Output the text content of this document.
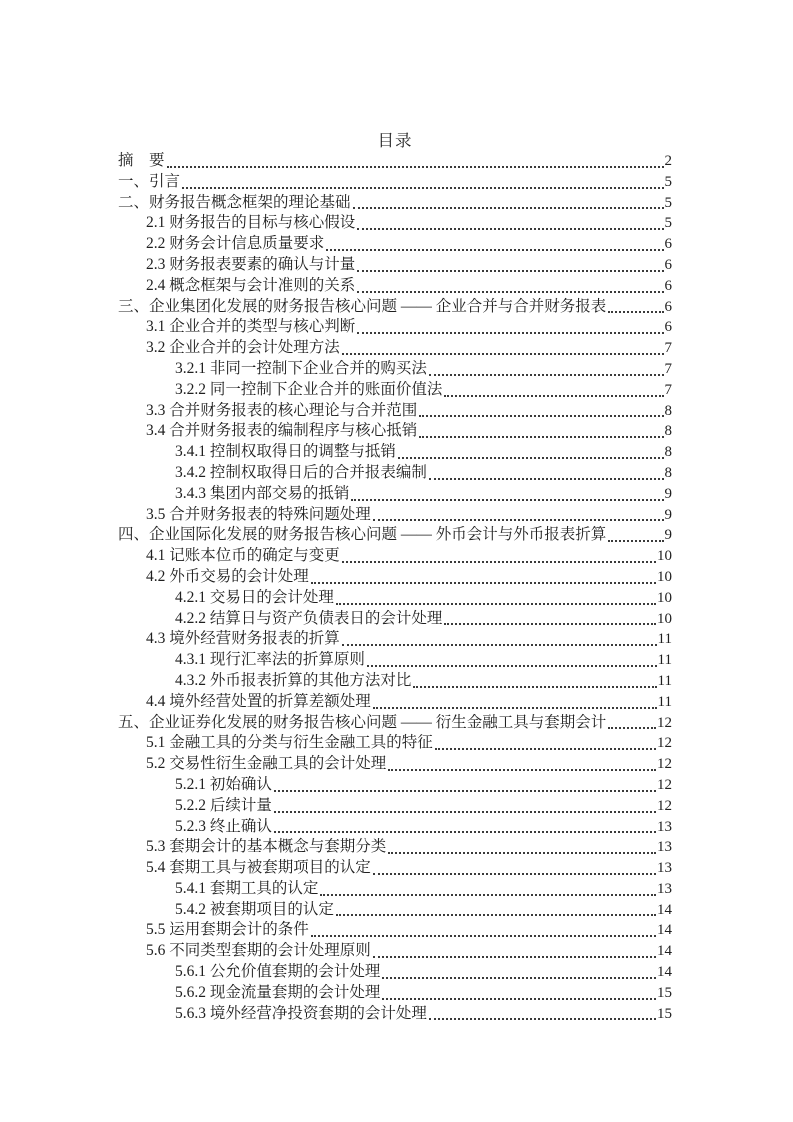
目录
摘　要	2
一、引言	5
二、财务报告概念框架的理论基础	5
2.1 财务报告的目标与核心假设	5
2.2 财务会计信息质量要求	6
2.3 财务报表要素的确认与计量	6
2.4 概念框架与会计准则的关系	6
三、企业集团化发展的财务报告核心问题 —— 企业合并与合并财务报表	6
3.1 企业合并的类型与核心判断	6
3.2 企业合并的会计处理方法	7
3.2.1 非同一控制下企业合并的购买法	7
3.2.2 同一控制下企业合并的账面价值法	7
3.3 合并财务报表的核心理论与合并范围	8
3.4 合并财务报表的编制程序与核心抵销	8
3.4.1 控制权取得日的调整与抵销	8
3.4.2 控制权取得日后的合并报表编制	8
3.4.3 集团内部交易的抵销	9
3.5 合并财务报表的特殊问题处理	9
四、企业国际化发展的财务报告核心问题 —— 外币会计与外币报表折算	9
4.1 记账本位币的确定与变更	10
4.2 外币交易的会计处理	10
4.2.1 交易日的会计处理	10
4.2.2 结算日与资产负债表日的会计处理	10
4.3 境外经营财务报表的折算	11
4.3.1 现行汇率法的折算原则	11
4.3.2 外币报表折算的其他方法对比	11
4.4 境外经营处置的折算差额处理	11
五、企业证券化发展的财务报告核心问题 —— 衍生金融工具与套期会计	12
5.1 金融工具的分类与衍生金融工具的特征	12
5.2 交易性衍生金融工具的会计处理	12
5.2.1 初始确认	12
5.2.2 后续计量	12
5.2.3 终止确认	13
5.3 套期会计的基本概念与套期分类	13
5.4 套期工具与被套期项目的认定	13
5.4.1 套期工具的认定	13
5.4.2 被套期项目的认定	14
5.5 运用套期会计的条件	14
5.6 不同类型套期的会计处理原则	14
5.6.1 公允价值套期的会计处理	14
5.6.2 现金流量套期的会计处理	15
5.6.3 境外经营净投资套期的会计处理	15
